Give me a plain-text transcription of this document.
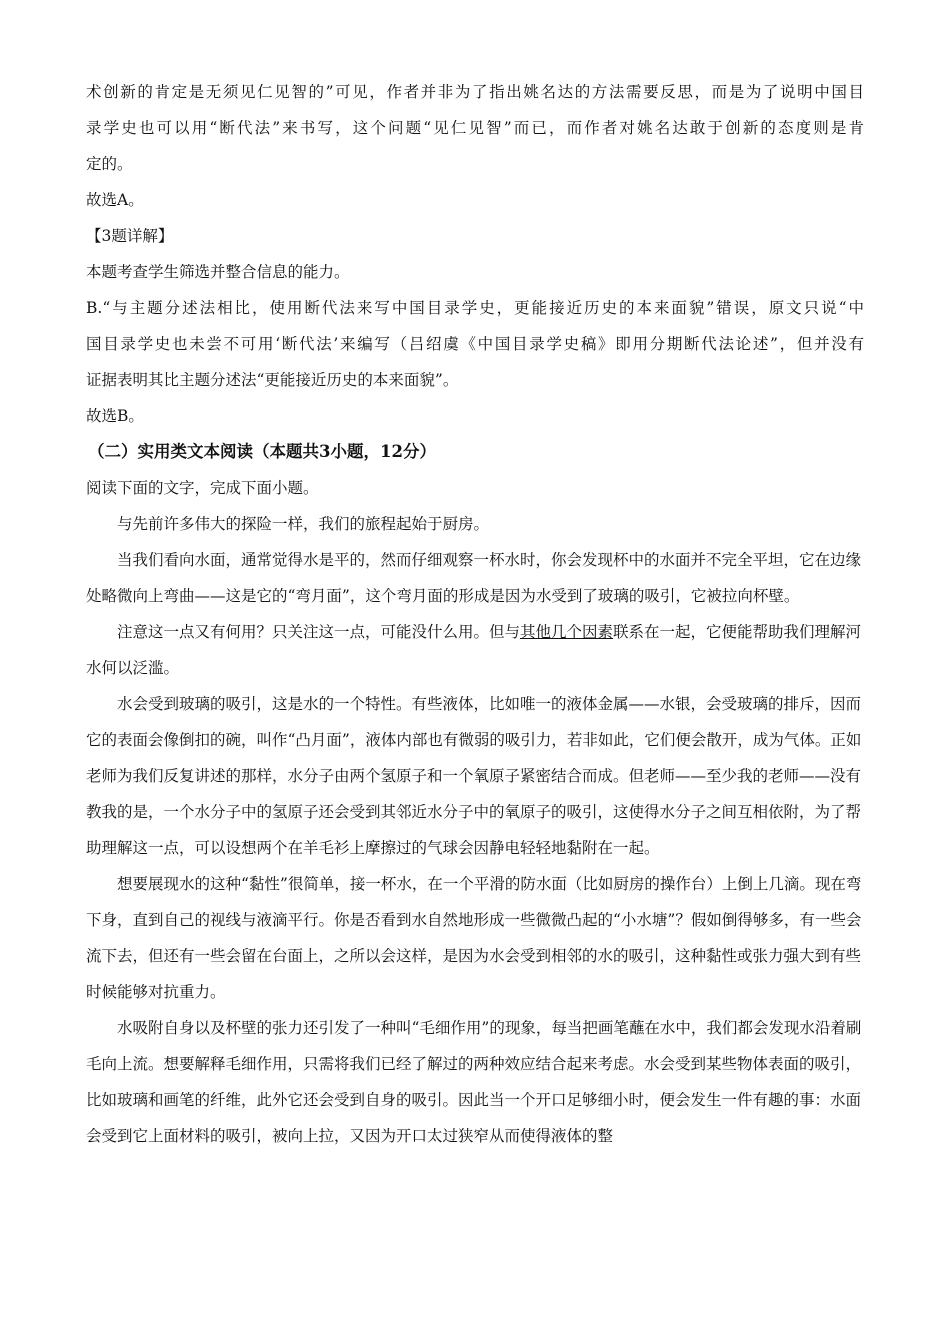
术创新的肯定是无须见仁见智的”可见，作者并非为了指出姚名达的方法需要反思，而是为了说明中国目

录学史也可以用“断代法”来书写，这个问题“见仁见智”而已，而作者对姚名达敢于创新的态度则是肯

定的。

故选A。

【3题详解】

本题考查学生筛选并整合信息的能力。

B.“与主题分述法相比，使用断代法来写中国目录学史，更能接近历史的本来面貌”错误，原文只说“中

国目录学史也未尝不可用‘断代法’来编写（吕绍虞《中国目录学史稿》即用分期断代法论述”，但并没有

证据表明其比主题分述法“更能接近历史的本来面貌”。

故选B。

（二）实用类文本阅读（本题共3小题，12分）

阅读下面的文字，完成下面小题。

与先前许多伟大的探险一样，我们的旅程起始于厨房。

当我们看向水面，通常觉得水是平的，然而仔细观察一杯水时，你会发现杯中的水面并不完全平坦，它在边缘处略微向上弯曲——这是它的“弯月面”，这个弯月面的形成是因为水受到了玻璃的吸引，它被拉向杯壁。

注意这一点又有何用？只关注这一点，可能没什么用。但与其他几个因素联系在一起，它便能帮助我们理解河水何以泛滥。

水会受到玻璃的吸引，这是水的一个特性。有些液体，比如唯一的液体金属——水银，会受玻璃的排斥，因而它的表面会像倒扣的碗，叫作“凸月面”，液体内部也有微弱的吸引力，若非如此，它们便会散开，成为气体。正如老师为我们反复讲述的那样，水分子由两个氢原子和一个氧原子紧密结合而成。但老师——至少我的老师——没有教我的是，一个水分子中的氢原子还会受到其邻近水分子中的氧原子的吸引，这使得水分子之间互相依附，为了帮助理解这一点，可以设想两个在羊毛衫上摩擦过的气球会因静电轻轻地黏附在一起。

想要展现水的这种“黏性”很简单，接一杯水，在一个平滑的防水面（比如厨房的操作台）上倒上几滴。现在弯下身，直到自己的视线与液滴平行。你是否看到水自然地形成一些微微凸起的“小水塘”？假如倒得够多，有一些会流下去，但还有一些会留在台面上，之所以会这样，是因为水会受到相邻的水的吸引，这种黏性或张力强大到有些时候能够对抗重力。

水吸附自身以及杯壁的张力还引发了一种叫“毛细作用”的现象，每当把画笔蘸在水中，我们都会发现水沿着刷毛向上流。想要解释毛细作用，只需将我们已经了解过的两种效应结合起来考虑。水会受到某些物体表面的吸引，比如玻璃和画笔的纤维，此外它还会受到自身的吸引。因此当一个开口足够细小时，便会发生一件有趣的事：水面会受到它上面材料的吸引，被向上拉，又因为开口太过狭窄从而使得液体的整
